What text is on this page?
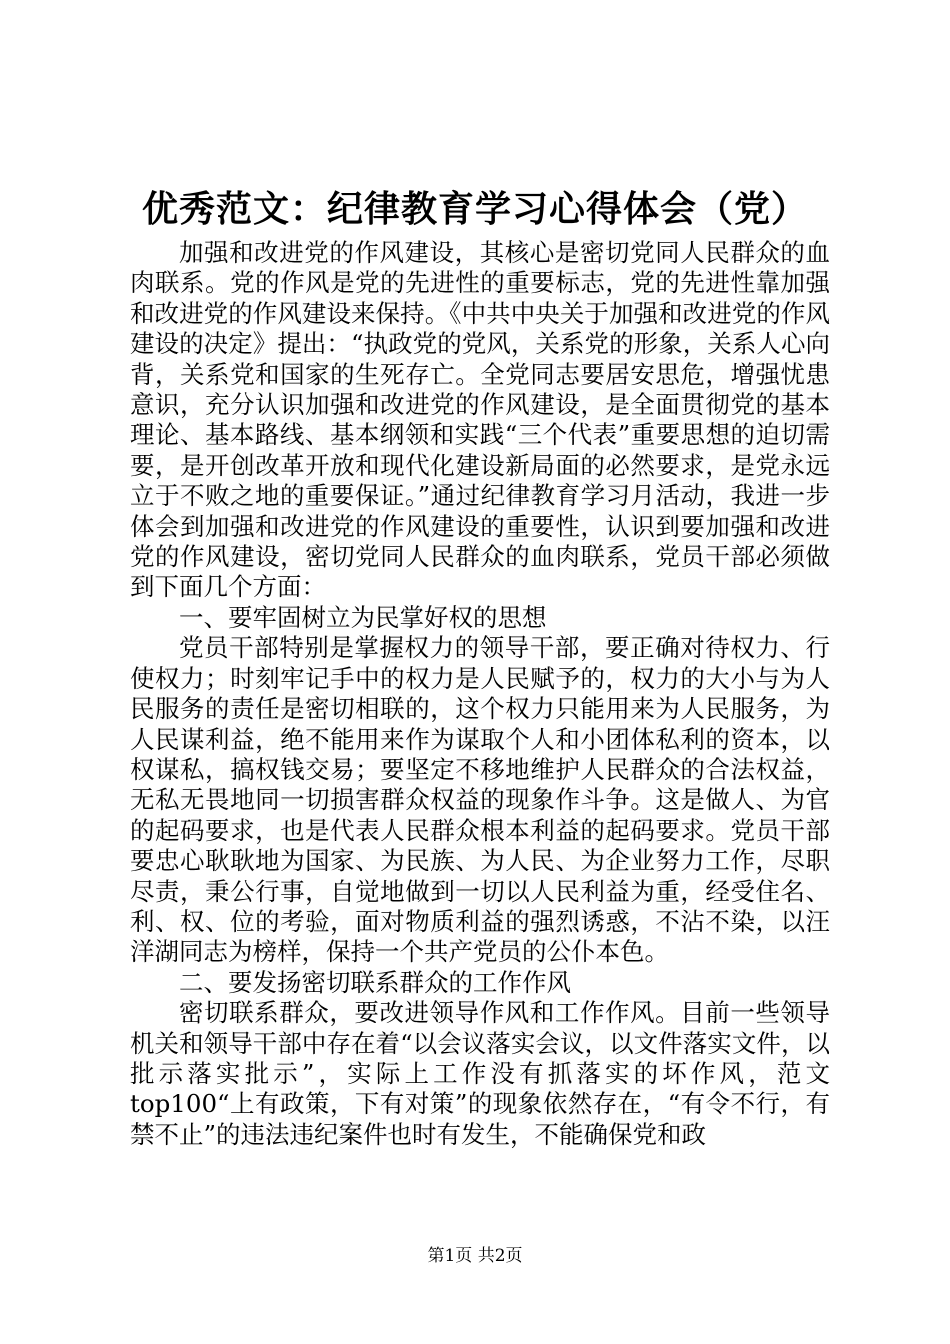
优秀范文：纪律教育学习心得体会（党）

加强和改进党的作风建设，其核心是密切党同人民群众的血肉联系。党的作风是党的先进性的重要标志，党的先进性靠加强和改进党的作风建设来保持。《中共中央关于加强和改进党的作风建设的决定》提出：“执政党的党风，关系党的形象，关系人心向背，关系党和国家的生死存亡。全党同志要居安思危，增强忧患意识，充分认识加强和改进党的作风建设，是全面贯彻党的基本理论、基本路线、基本纲领和实践“三个代表”重要思想的迫切需要，是开创改革开放和现代化建设新局面的必然要求，是党永远立于不败之地的重要保证。”通过纪律教育学习月活动，我进一步体会到加强和改进党的作风建设的重要性，认识到要加强和改进党的作风建设，密切党同人民群众的血肉联系，党员干部必须做到下面几个方面：

一、要牢固树立为民掌好权的思想

党员干部特别是掌握权力的领导干部，要正确对待权力、行使权力；时刻牢记手中的权力是人民赋予的，权力的大小与为人民服务的责任是密切相联的，这个权力只能用来为人民服务，为人民谋利益，绝不能用来作为谋取个人和小团体私利的资本，以权谋私，搞权钱交易；要坚定不移地维护人民群众的合法权益，无私无畏地同一切损害群众权益的现象作斗争。这是做人、为官的起码要求，也是代表人民群众根本利益的起码要求。党员干部要忠心耿耿地为国家、为民族、为人民、为企业努力工作，尽职尽责，秉公行事，自觉地做到一切以人民利益为重，经受住名、利、权、位的考验，面对物质利益的强烈诱惑，不沾不染，以汪洋湖同志为榜样，保持一个共产党员的公仆本色。

二、要发扬密切联系群众的工作作风

密切联系群众，要改进领导作风和工作作风。目前一些领导机关和领导干部中存在着“以会议落实会议，以文件落实文件，以批示落实批示”，实际上工作没有抓落实的坏作风，范文top100“上有政策，下有对策”的现象依然存在，“有令不行，有禁不止”的违法违纪案件也时有发生，不能确保党和政

第1页 共2页
